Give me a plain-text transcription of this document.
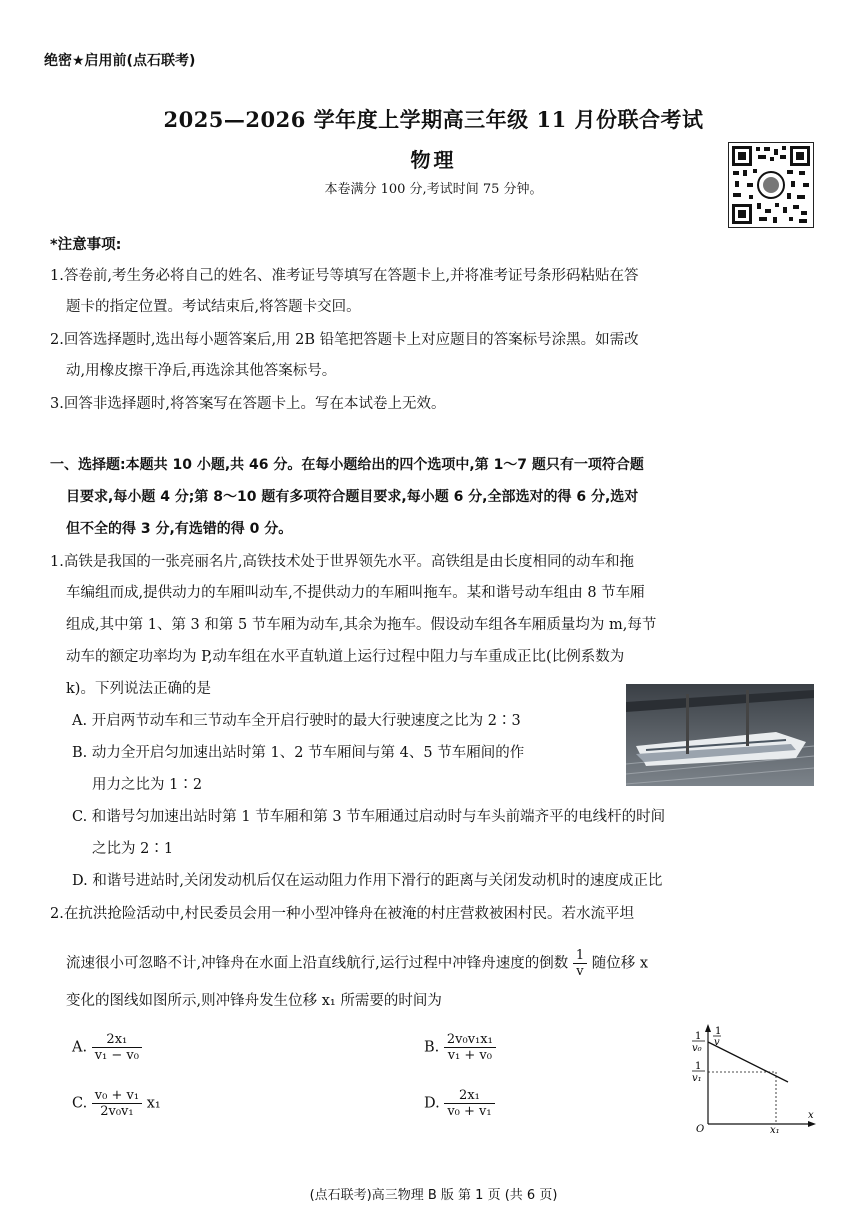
绝密★启用前(点石联考)
2025—2026 学年度上学期高三年级 11 月份联合考试
物理
本卷满分 100 分,考试时间 75 分钟。
*注意事项:
1.答卷前,考生务必将自己的姓名、准考证号等填写在答题卡上,并将准考证号条形码粘贴在答
题卡的指定位置。考试结束后,将答题卡交回。
2.回答选择题时,选出每小题答案后,用 2B 铅笔把答题卡上对应题目的答案标号涂黑。如需改
动,用橡皮擦干净后,再选涂其他答案标号。
3.回答非选择题时,将答案写在答题卡上。写在本试卷上无效。
一、选择题:本题共 10 小题,共 46 分。在每小题给出的四个选项中,第 1～7 题只有一项符合题
目要求,每小题 4 分;第 8～10 题有多项符合题目要求,每小题 6 分,全部选对的得 6 分,选对
但不全的得 3 分,有选错的得 0 分。
1.高铁是我国的一张亮丽名片,高铁技术处于世界领先水平。高铁组是由长度相同的动车和拖
车编组而成,提供动力的车厢叫动车,不提供动力的车厢叫拖车。某和谐号动车组由 8 节车厢
组成,其中第 1、第 3 和第 5 节车厢为动车,其余为拖车。假设动车组各车厢质量均为 m,每节
动车的额定功率均为 P,动车组在水平直轨道上运行过程中阻力与车重成正比(比例系数为
k)。下列说法正确的是
A. 开启两节动车和三节动车全开启行驶时的最大行驶速度之比为 2∶3
B. 动力全开启匀加速出站时第 1、2 节车厢间与第 4、5 节车厢间的作
用力之比为 1∶2
C. 和谐号匀加速出站时第 1 节车厢和第 3 节车厢通过启动时与车头前端齐平的电线杆的时间
之比为 2∶1
D. 和谐号进站时,关闭发动机后仅在运动阻力作用下滑行的距离与关闭发动机时的速度成正比
2.在抗洪抢险活动中,村民委员会用一种小型冲锋舟在被淹的村庄营救被困村民。若水流平坦
流速很小可忽略不计,冲锋舟在水面上沿直线航行,运行过程中冲锋舟速度的倒数 $\frac{1}{v}$ 随位移 x
变化的图线如图所示,则冲锋舟发生位移 x₁ 所需要的时间为
A. $\frac{\text{2x₁}}{\text{v₁ − v₀}}$	B. $\frac{\text{2v₀v₁x₁}}{\text{v₁ + v₀}}$
C. $\frac{\text{v₀ + v₁}}{\text{2v₀v₁}} x_1$	D. $\frac{\text{2x₁}}{\text{v₀ + v₁}}$
1
v
1
v₀
1
v₁
O	x₁
x
(点石联考)高三物理 B 版 第 1 页 (共 6 页)
